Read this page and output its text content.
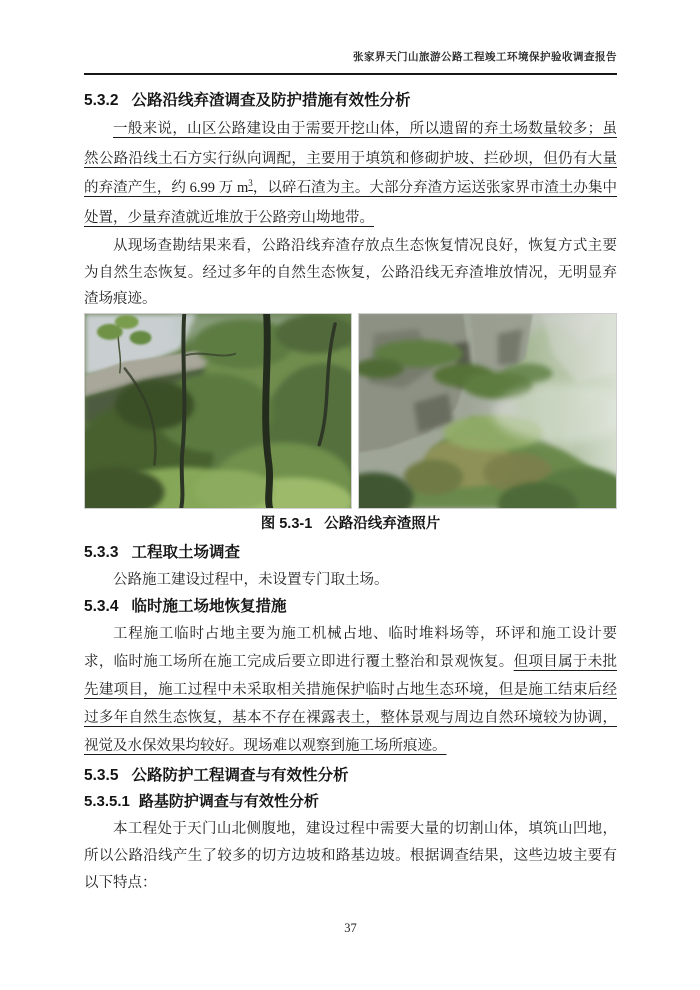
张家界天门山旅游公路工程竣工环境保护验收调查报告
5.3.2 公路沿线弃渣调查及防护措施有效性分析

一般来说，山区公路建设由于需要开挖山体，所以遗留的弃土场数量较多；虽然公路沿线土石方实行纵向调配，主要用于填筑和修砌护坡、拦砂坝，但仍有大量的弃渣产生，约 6.99 万 $m^3$，以碎石渣为主。大部分弃渣方运送张家界市渣土办集中处置，少量弃渣就近堆放于公路旁山坳地带。

从现场查勘结果来看，公路沿线弃渣存放点生态恢复情况良好，恢复方式主要为自然生态恢复。经过多年的自然生态恢复，公路沿线无弃渣堆放情况，无明显弃渣场痕迹。

图 5.3-1 公路沿线弃渣照片
5.3.3 工程取土场调查

公路施工建设过程中，未设置专门取土场。

5.3.4 临时施工场地恢复措施

工程施工临时占地主要为施工机械占地、临时堆料场等，环评和施工设计要求，临时施工场所在施工完成后要立即进行覆土整治和景观恢复。但项目属于未批先建项目，施工过程中未采取相关措施保护临时占地生态环境，但是施工结束后经过多年自然生态恢复，基本不存在裸露表土，整体景观与周边自然环境较为协调，视觉及水保效果均较好。现场难以观察到施工场所痕迹。

5.3.5 公路防护工程调查与有效性分析
5.3.5.1 路基防护调查与有效性分析

本工程处于天门山北侧腹地，建设过程中需要大量的切割山体，填筑山凹地，所以公路沿线产生了较多的切方边坡和路基边坡。根据调查结果，这些边坡主要有以下特点：

37
